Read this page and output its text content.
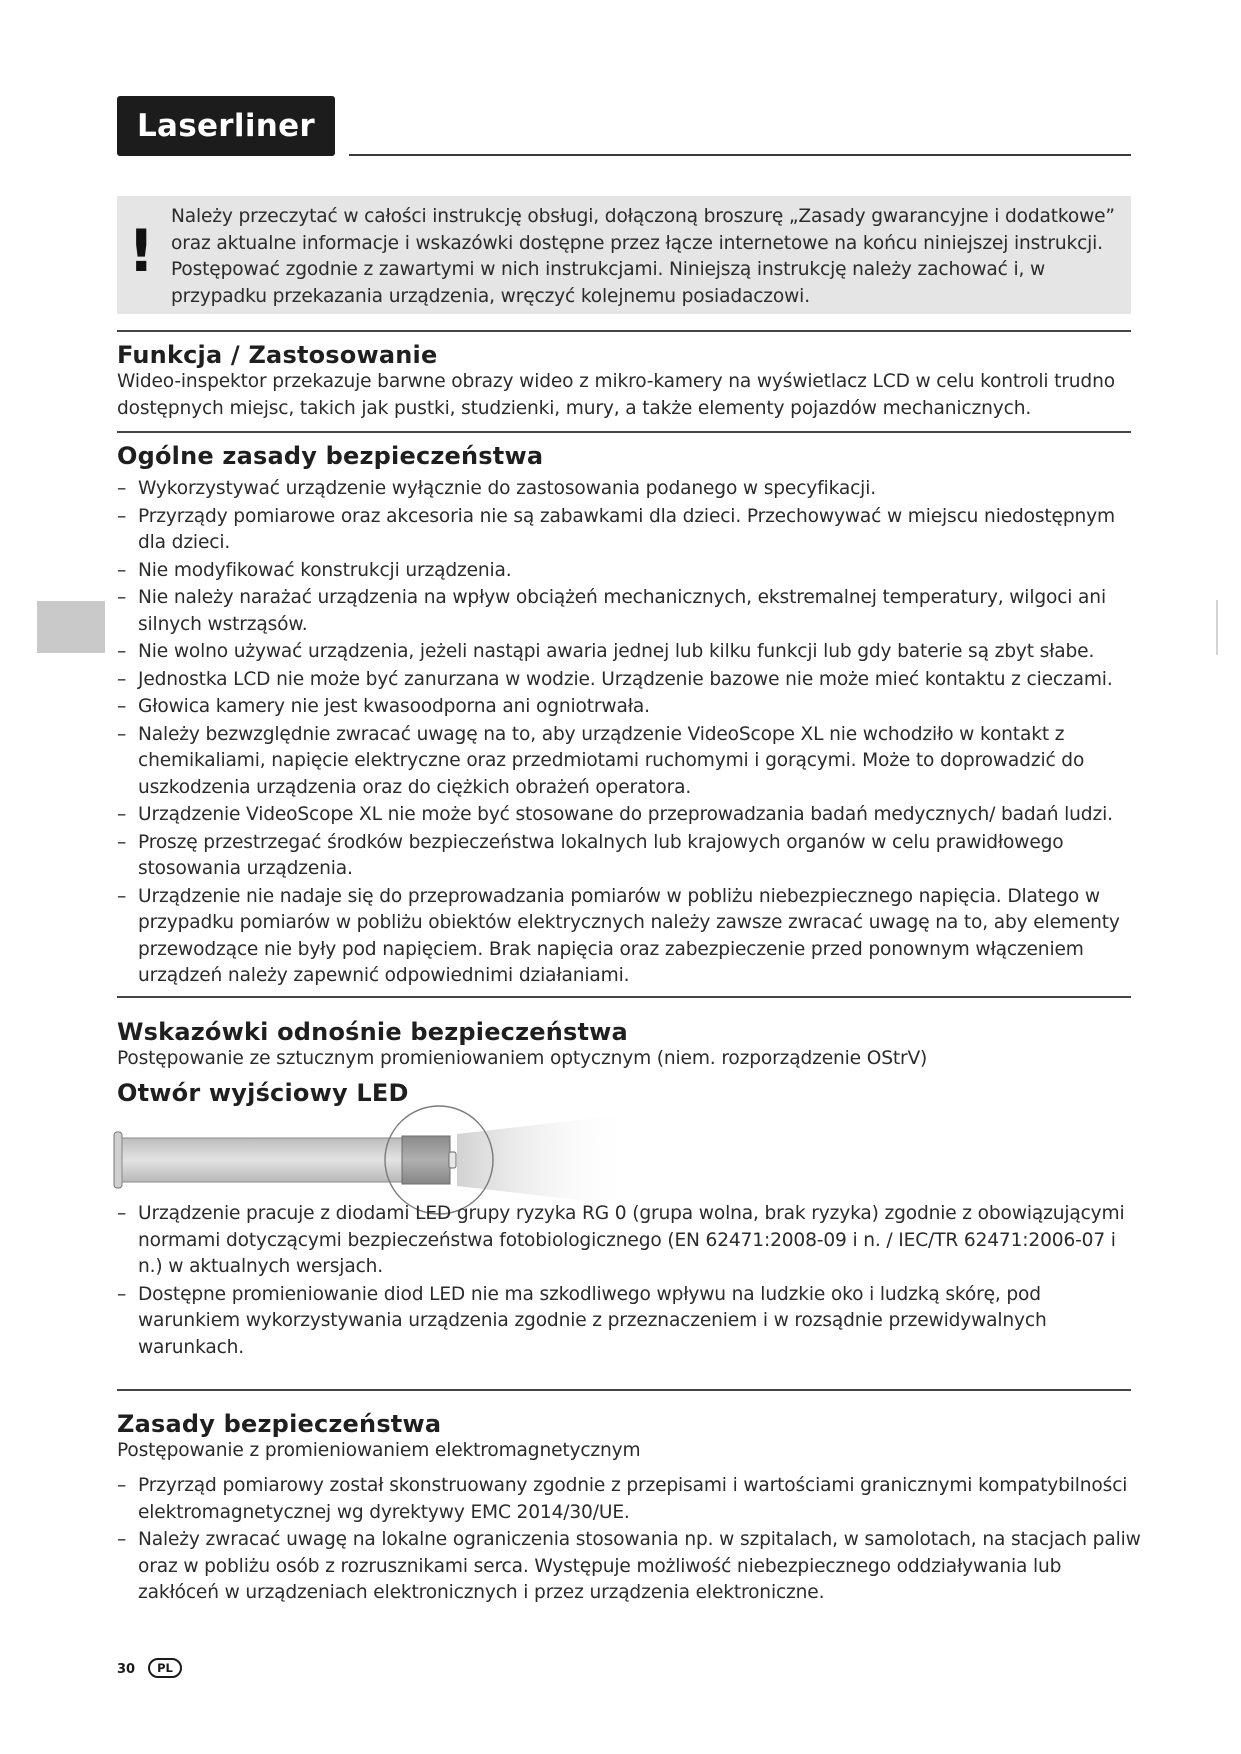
Laserliner
!
Należy przeczytać w całości instrukcję obsługi, dołączoną broszurę „Zasady gwarancyjne i dodatkowe” oraz aktualne informacje i wskazówki dostępne przez łącze internetowe na końcu niniejszej instrukcji. Postępować zgodnie z zawartymi w nich instrukcjami. Niniejszą instrukcję należy zachować i, w przypadku przekazania urządzenia, wręczyć kolejnemu posiadaczowi.
Funkcja / Zastosowanie

Wideo-inspektor przekazuje barwne obrazy wideo z mikro-kamery na wyświetlacz LCD w celu kontroli trudno dostępnych miejsc, takich jak pustki, studzienki, mury, a także elementy pojazdów mechanicznych.

Ogólne zasady bezpieczeństwa
– Wykorzystywać urządzenie wyłącznie do zastosowania podanego w specyfikacji.
– Przyrządy pomiarowe oraz akcesoria nie są zabawkami dla dzieci. Przechowywać w miejscu niedostępnym dla dzieci.
– Nie modyfikować konstrukcji urządzenia.
– Nie należy narażać urządzenia na wpływ obciążeń mechanicznych, ekstremalnej temperatury, wilgoci ani silnych wstrząsów.
– Nie wolno używać urządzenia, jeżeli nastąpi awaria jednej lub kilku funkcji lub gdy baterie są zbyt słabe.
– Jednostka LCD nie może być zanurzana w wodzie. Urządzenie bazowe nie może mieć kontaktu z cieczami.
– Głowica kamery nie jest kwasoodporna ani ogniotrwała.
– Należy bezwzględnie zwracać uwagę na to, aby urządzenie VideoScope XL nie wchodziło w kontakt z chemikaliami, napięcie elektryczne oraz przedmiotami ruchomymi i gorącymi. Może to doprowadzić do uszkodzenia urządzenia oraz do ciężkich obrażeń operatora.
– Urządzenie VideoScope XL nie może być stosowane do przeprowadzania badań medycznych/ badań ludzi.
– Proszę przestrzegać środków bezpieczeństwa lokalnych lub krajowych organów w celu prawidłowego stosowania urządzenia.
– Urządzenie nie nadaje się do przeprowadzania pomiarów w pobliżu niebezpiecznego napięcia. Dlatego w przypadku pomiarów w pobliżu obiektów elektrycznych należy zawsze zwracać uwagę na to, aby elementy przewodzące nie były pod napięciem. Brak napięcia oraz zabezpieczenie przed ponownym włączeniem urządzeń należy zapewnić odpowiednimi działaniami.
Wskazówki odnośnie bezpieczeństwa

Postępowanie ze sztucznym promieniowaniem optycznym (niem. rozporządzenie OStrV)

Otwór wyjściowy LED
– Urządzenie pracuje z diodami LED grupy ryzyka RG 0 (grupa wolna, brak ryzyka) zgodnie z obowiązującymi normami dotyczącymi bezpieczeństwa fotobiologicznego (EN 62471:2008-09 i n. / IEC/TR 62471:2006-07 i n.) w aktualnych wersjach.
– Dostępne promieniowanie diod LED nie ma szkodliwego wpływu na ludzkie oko i ludzką skórę, pod warunkiem wykorzystywania urządzenia zgodnie z przeznaczeniem i w rozsądnie przewidywalnych warunkach.
Zasady bezpieczeństwa

Postępowanie z promieniowaniem elektromagnetycznym

– Przyrząd pomiarowy został skonstruowany zgodnie z przepisami i wartościami granicznymi kompatybilności elektromagnetycznej wg dyrektywy EMC 2014/30/UE.
– Należy zwracać uwagę na lokalne ograniczenia stosowania np. w szpitalach, w samolotach, na stacjach paliw oraz w pobliżu osób z rozrusznikami serca. Występuje możliwość niebezpiecznego oddziaływania lub zakłóceń w urządzeniach elektronicznych i przez urządzenia elektroniczne.
30	PL
